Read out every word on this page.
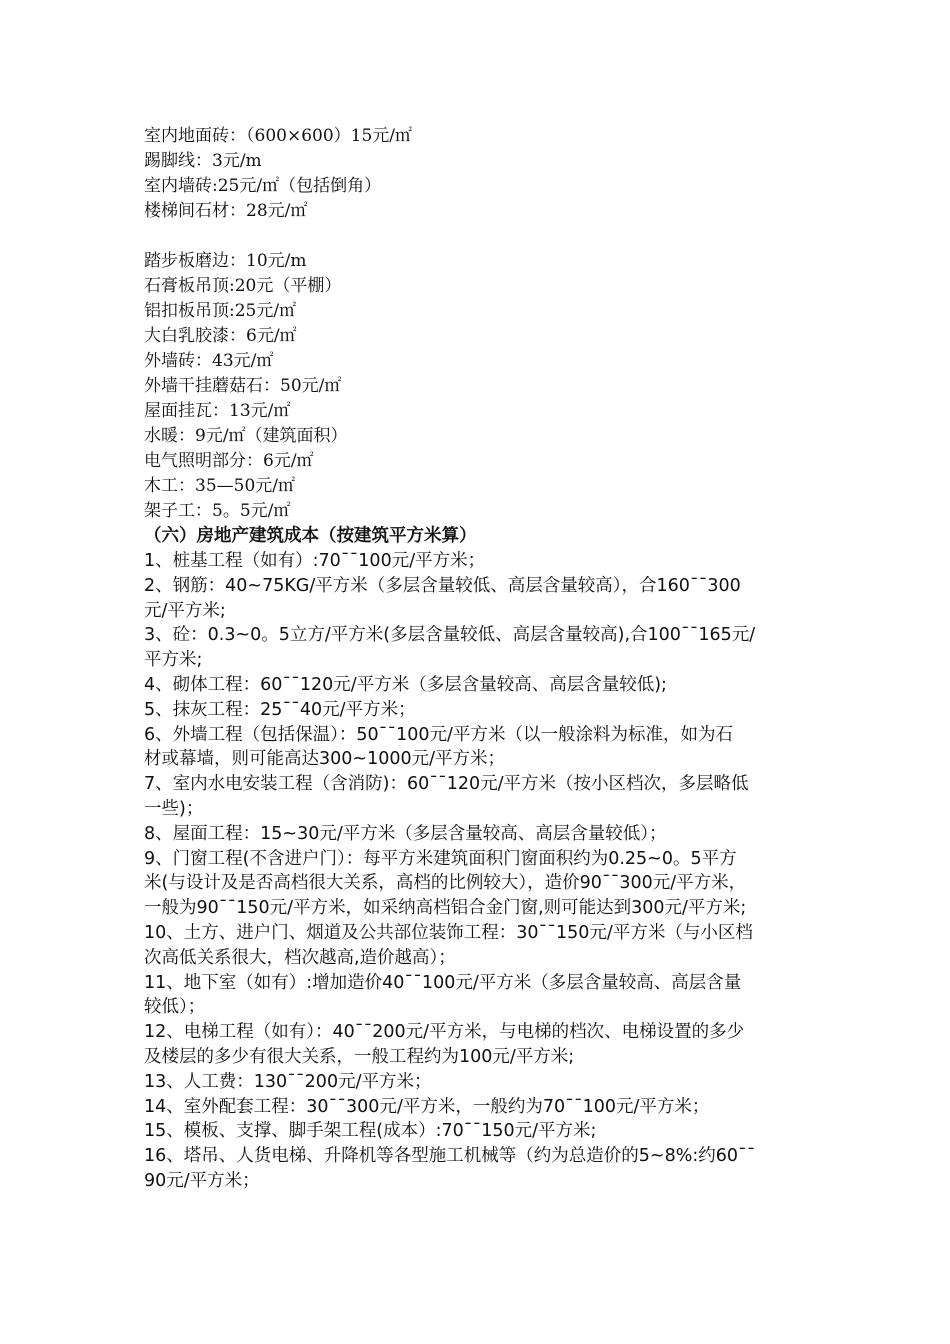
室内地面砖：（600×600）15元/㎡
踢脚线：3元/m
室内墙砖:25元/㎡（包括倒角）
楼梯间石材：28元/㎡
踏步板磨边：10元/m
石膏板吊顶:20元（平棚）
铝扣板吊顶:25元/㎡
大白乳胶漆：6元/㎡
外墙砖：43元/㎡
外墙干挂蘑菇石：50元/㎡
屋面挂瓦：13元/㎡
水暖：9元/㎡（建筑面积）
电气照明部分：6元/㎡
木工：35—50元/㎡
架子工：5。5元/㎡
（六）房地产建筑成本（按建筑平方米算）

1、桩基工程（如有）:70¯¯100元/平方米；

2、钢筋：40~75KG/平方米（多层含量较低、高层含量较高），合160¯¯300
元/平方米;

3、砼：0.3~0。5立方/平方米(多层含量较低、高层含量较高),合100¯¯165元/
平方米;

4、砌体工程：60¯¯120元/平方米（多层含量较高、高层含量较低);

5、抹灰工程：25¯¯40元/平方米；

6、外墙工程（包括保温）：50¯¯100元/平方米（以一般涂料为标准，如为石
材或幕墙，则可能高达300~1000元/平方米；

7、室内水电安装工程（含消防)：60¯¯120元/平方米（按小区档次，多层略低
一些)；

8、屋面工程：15~30元/平方米（多层含量较高、高层含量较低）；

9、门窗工程(不含进户门）：每平方米建筑面积门窗面积约为0.25~0。5平方
米(与设计及是否高档很大关系，高档的比例较大），造价90¯¯300元/平方米，
一般为90¯¯150元/平方米，如采纳高档铝合金门窗,则可能达到300元/平方米;

10、土方、进户门、烟道及公共部位装饰工程：30¯¯150元/平方米（与小区档
次高低关系很大，档次越高,造价越高）；

11、地下室（如有）:增加造价40¯¯100元/平方米（多层含量较高、高层含量
较低）；

12、电梯工程（如有）：40¯¯200元/平方米，与电梯的档次、电梯设置的多少
及楼层的多少有很大关系，一般工程约为100元/平方米;

13、人工费：130¯¯200元/平方米；

14、室外配套工程：30¯¯300元/平方米，一般约为70¯¯100元/平方米；

15、模板、支撑、脚手架工程(成本）:70¯¯150元/平方米;

16、塔吊、人货电梯、升降机等各型施工机械等（约为总造价的5~8%:约60¯¯
90元/平方米；
